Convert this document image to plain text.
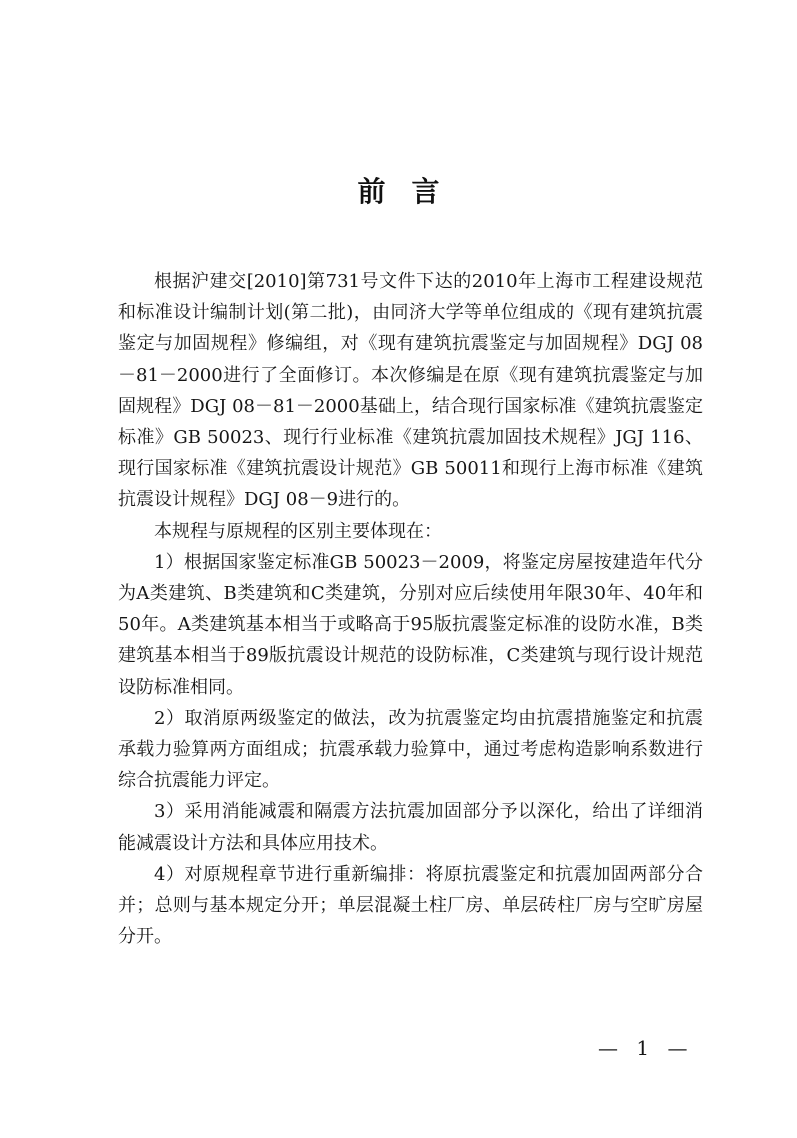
前言

根据沪建交[2010]第731号文件下达的2010年上海市工程建设规范和标准设计编制计划(第二批)，由同济大学等单位组成的《现有建筑抗震鉴定与加固规程》修编组，对《现有建筑抗震鉴定与加固规程》DGJ 08－81－2000进行了全面修订。本次修编是在原《现有建筑抗震鉴定与加固规程》DGJ 08－81－2000基础上，结合现行国家标准《建筑抗震鉴定标准》GB 50023、现行行业标准《建筑抗震加固技术规程》JGJ 116、现行国家标准《建筑抗震设计规范》GB 50011和现行上海市标准《建筑抗震设计规程》DGJ 08－9进行的。

本规程与原规程的区别主要体现在：

1）根据国家鉴定标准GB 50023－2009，将鉴定房屋按建造年代分为A类建筑、B类建筑和C类建筑，分别对应后续使用年限30年、40年和50年。A类建筑基本相当于或略高于95版抗震鉴定标准的设防水准，B类建筑基本相当于89版抗震设计规范的设防标准，C类建筑与现行设计规范设防标准相同。

2）取消原两级鉴定的做法，改为抗震鉴定均由抗震措施鉴定和抗震承载力验算两方面组成；抗震承载力验算中，通过考虑构造影响系数进行综合抗震能力评定。

3）采用消能减震和隔震方法抗震加固部分予以深化，给出了详细消能减震设计方法和具体应用技术。

4）对原规程章节进行重新编排：将原抗震鉴定和抗震加固两部分合并；总则与基本规定分开；单层混凝土柱厂房、单层砖柱厂房与空旷房屋分开。

— 1 —
